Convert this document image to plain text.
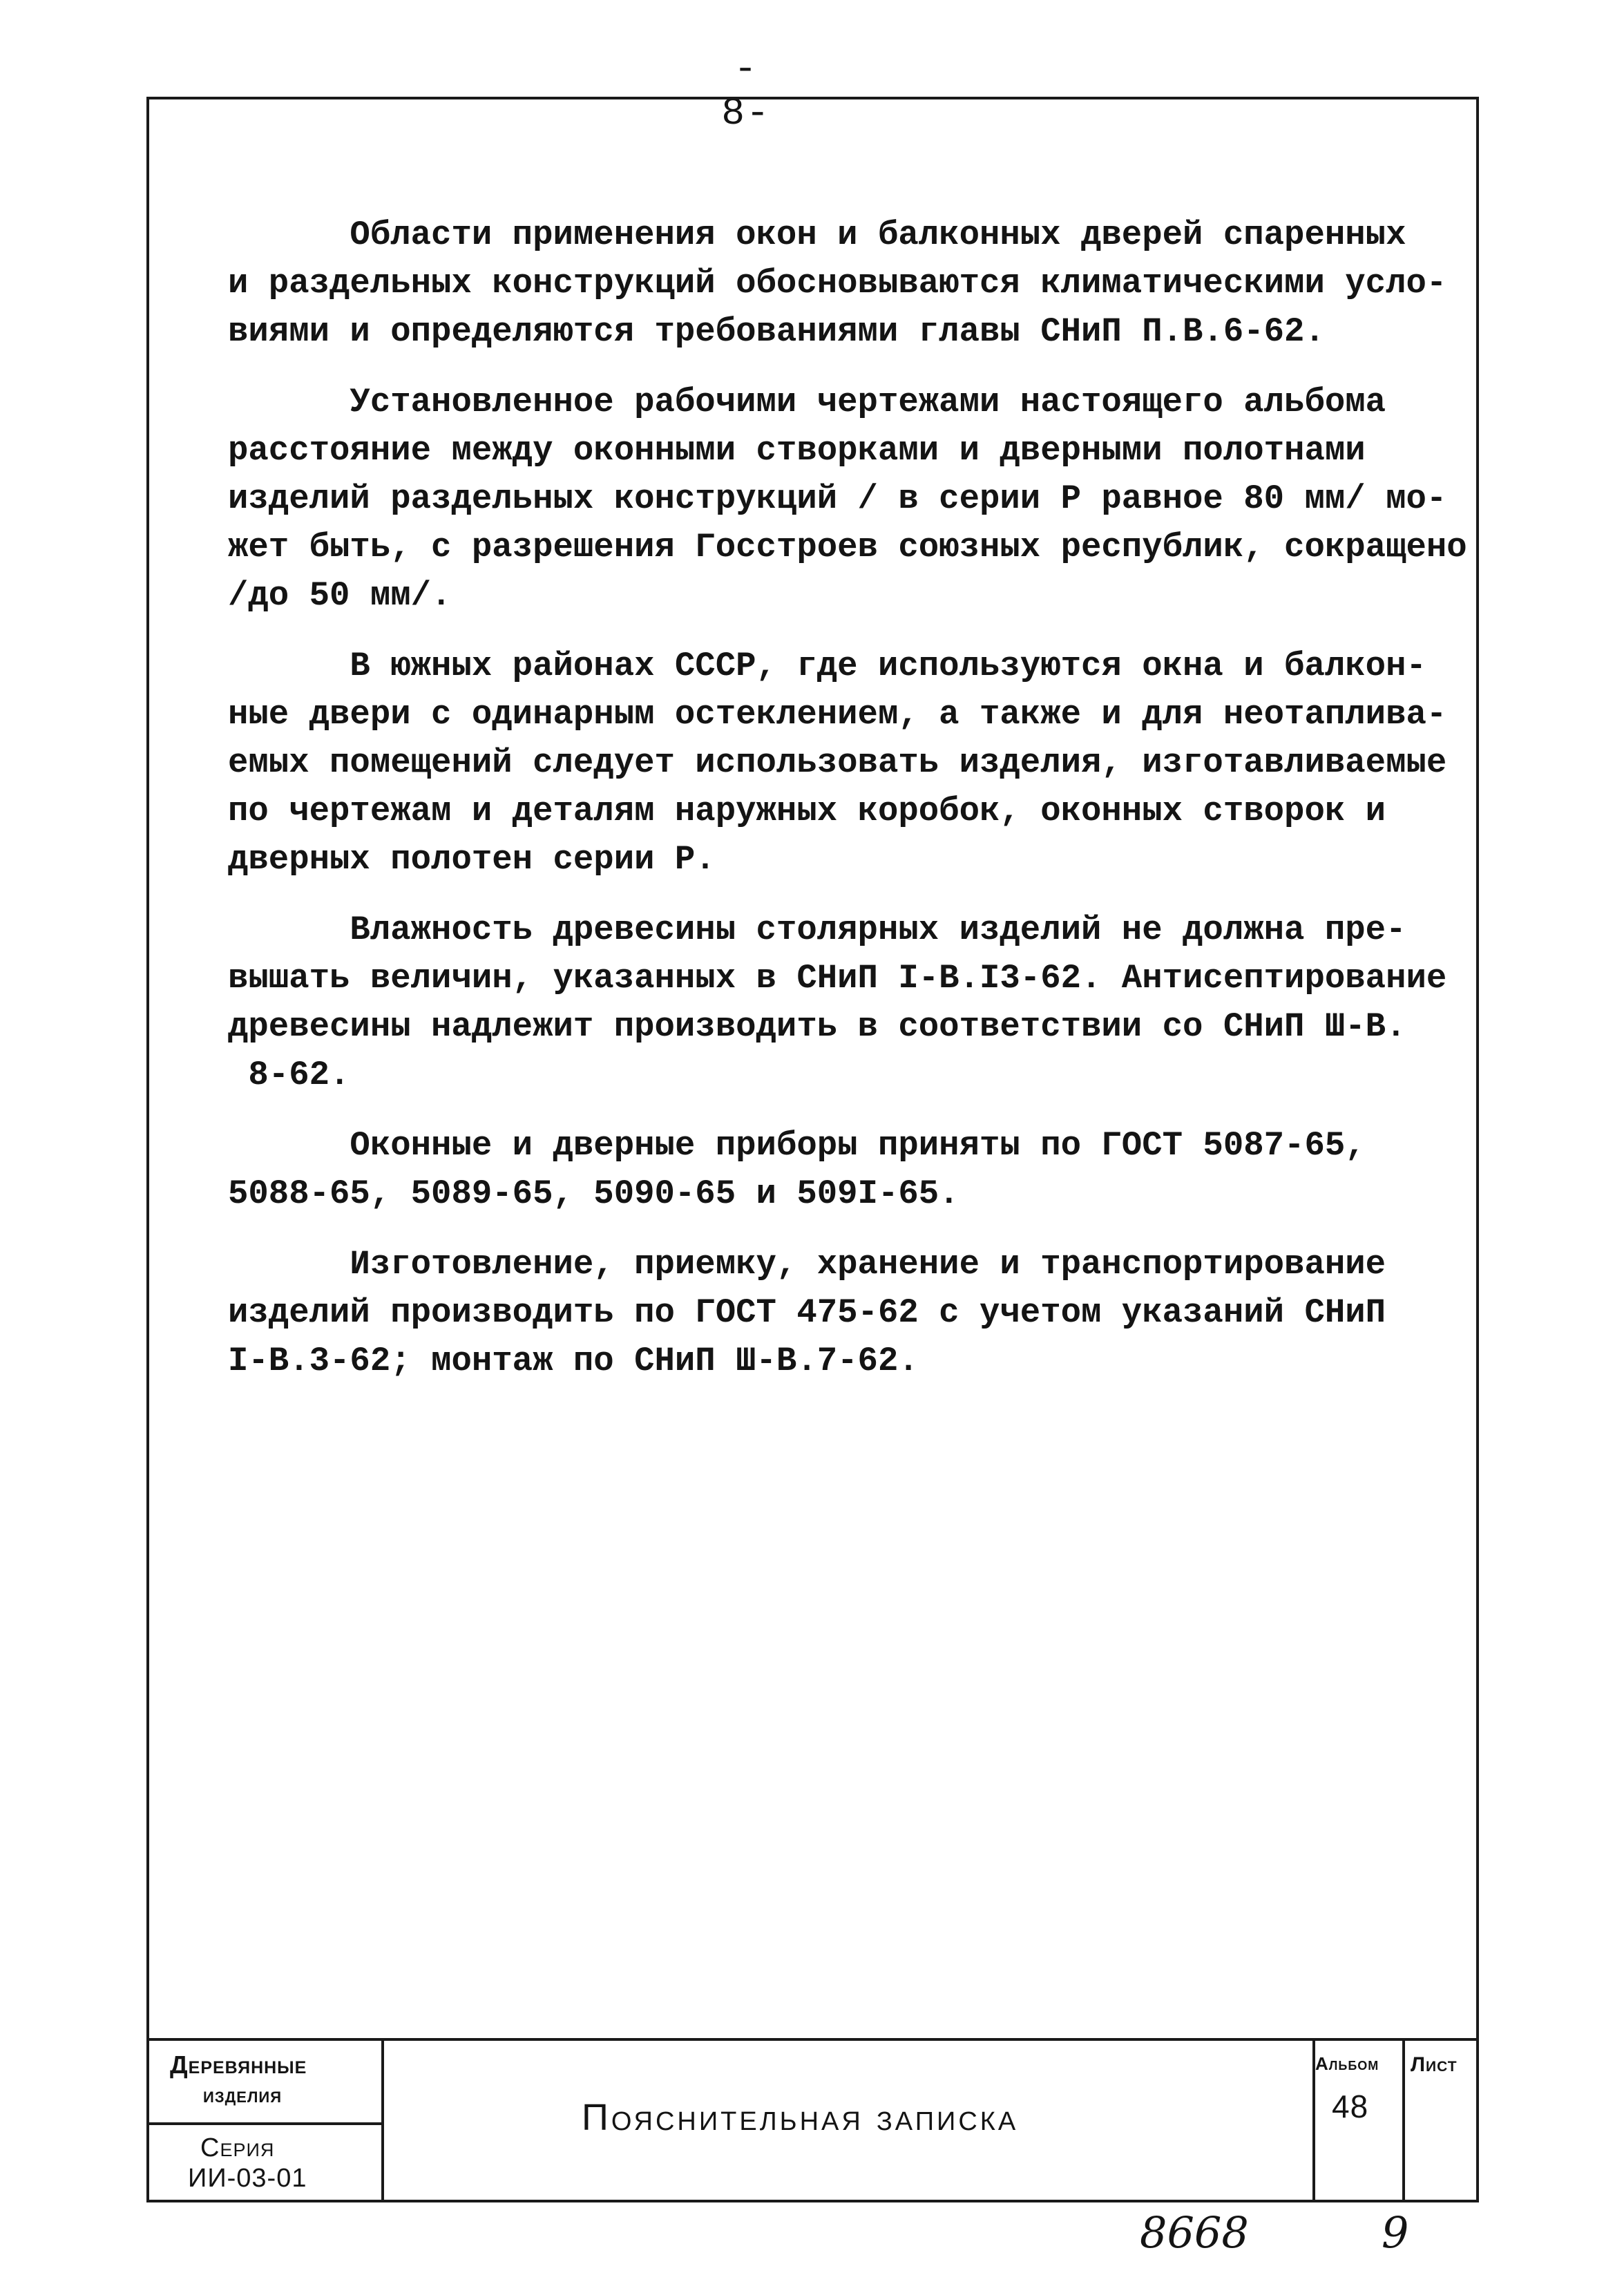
- 8-
Области применения окон и балконных дверей спаренных
и раздельных конструкций обосновываются климатическими усло-
виями и определяются требованиями главы СНиП П.В.6-62.
Установленное рабочими чертежами настоящего альбома
расстояние между оконными створками и дверными полотнами
изделий раздельных конструкций / в серии Р равное 80 мм/ мо-
жет быть, с разрешения Госстроев союзных республик, сокращено
/до 50 мм/.
В южных районах СССР, где используются окна и балкон-
ные двери с одинарным остеклением, а также и для неотаплива-
емых помещений следует использовать изделия, изготавливаемые
по чертежам и деталям наружных коробок, оконных створок и
дверных полотен серии Р.
Влажность древесины столярных изделий не должна пре-
вышать величин, указанных в СНиП I-В.I3-62. Антисептирование
древесины надлежит производить в соответствии со СНиП Ш-В.
8-62.
Оконные и дверные приборы приняты по ГОСТ 5087-65,
5088-65, 5089-65, 5090-65 и 509I-65.
Изготовление, приемку, хранение и транспортирование
изделий производить по ГОСТ 475-62 с учетом указаний СНиП
I-В.3-62; монтаж по СНиП Ш-В.7-62.
Деревянные
изделия
Серия
ИИ-03-01
Пояснительная записка
Альбом
48
Лист
8668	9
